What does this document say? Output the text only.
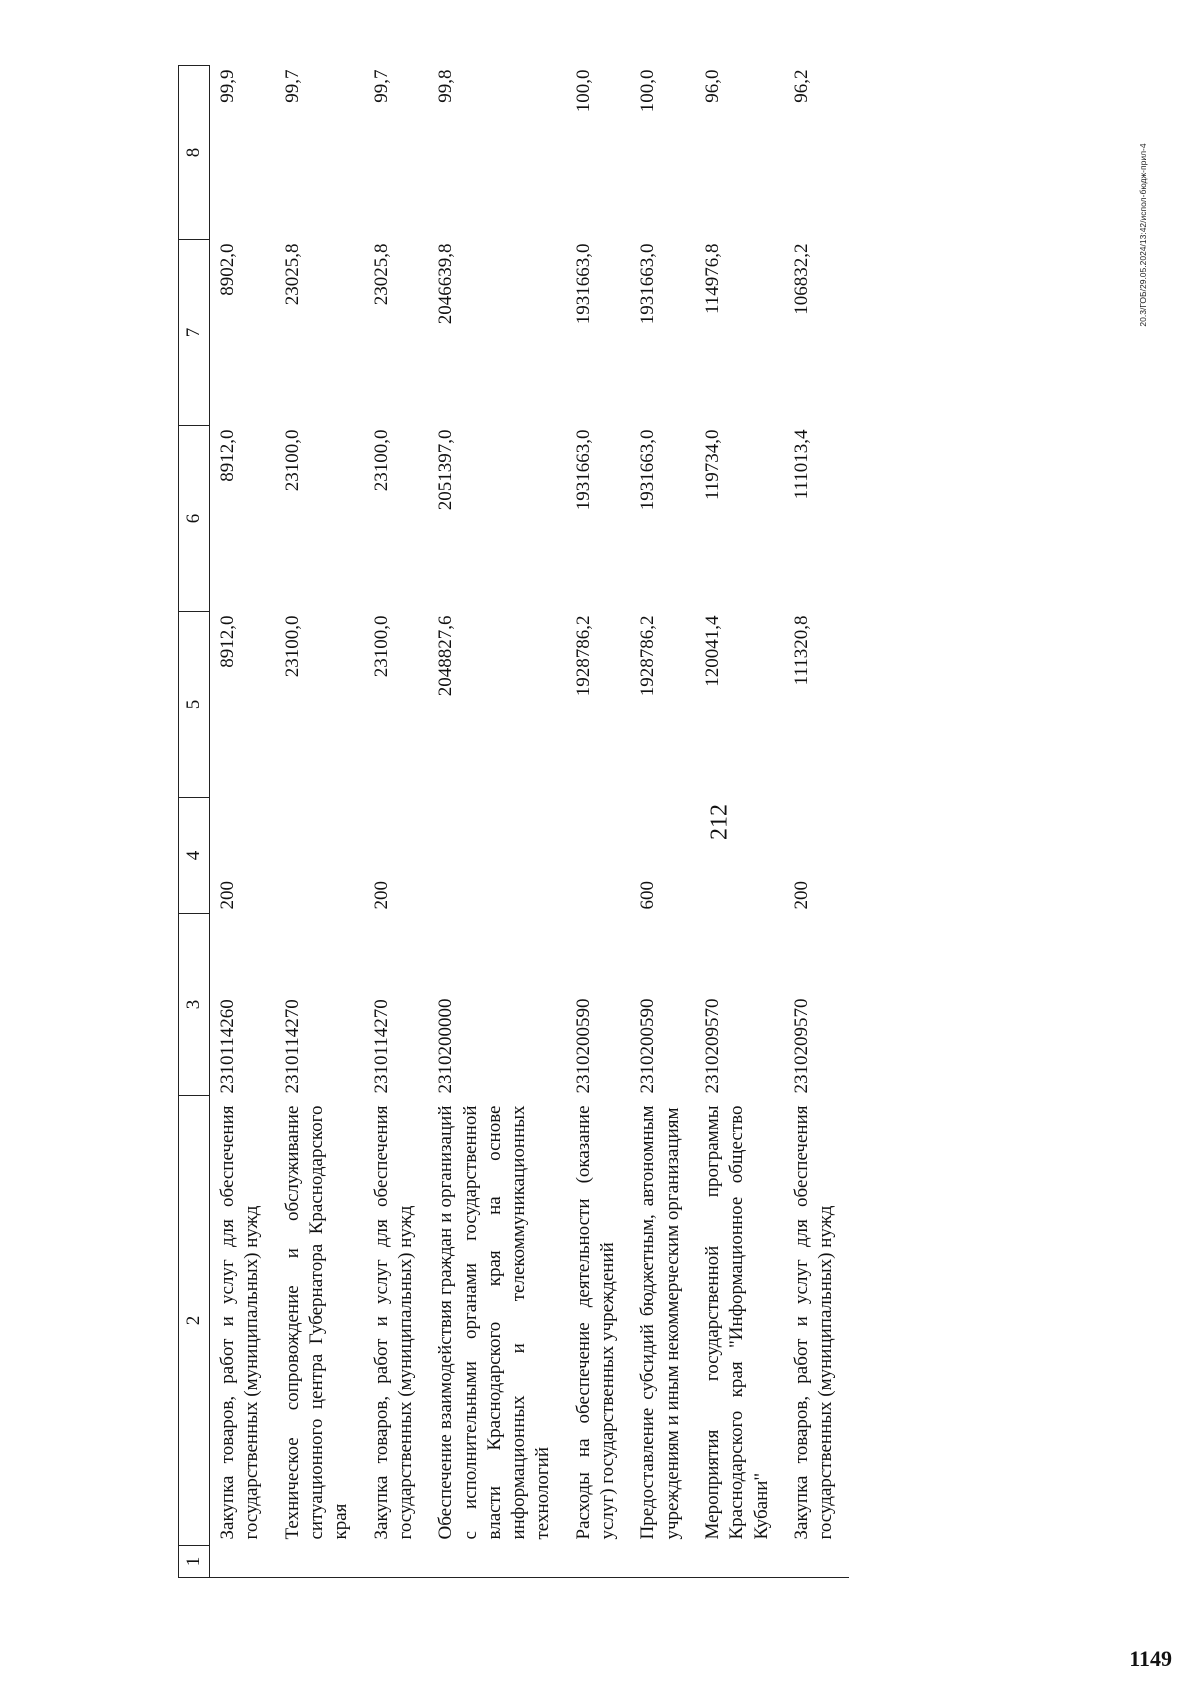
212
20.3/ГОБ/29.05.2024/13:42/испол-бюдж-прил-4
1149
1	2	3	4	5	6	7	8
	Закупка товаров, работ и услуг для обеспечения государственных (муниципальных) нужд	2310114260	200	8912,0	8912,0	8902,0	99,9
	Техническое сопровождение и обслуживание ситуационного центра Губернатора Краснодарского края	2310114270		23100,0	23100,0	23025,8	99,7
	Закупка товаров, работ и услуг для обеспечения государственных (муниципальных) нужд	2310114270	200	23100,0	23100,0	23025,8	99,7
	Обеспечение взаимодействия граждан и организаций с исполнительными органами государственной власти Краснодарского края на основе информационных и телекоммуникационных технологий	2310200000		2048827,6	2051397,0	2046639,8	99,8
	Расходы на обеспечение деятельности (оказание услуг) государственных учреждений	2310200590		1928786,2	1931663,0	1931663,0	100,0
	Предоставление субсидий бюджетным, автономным учреждениям и иным некоммерческим организациям	2310200590	600	1928786,2	1931663,0	1931663,0	100,0
	Мероприятия государственной программы Краснодарского края "Информационное общество Кубани"	2310209570		120041,4	119734,0	114976,8	96,0
	Закупка товаров, работ и услуг для обеспечения государственных (муниципальных) нужд	2310209570	200	111320,8	111013,4	106832,2	96,2
